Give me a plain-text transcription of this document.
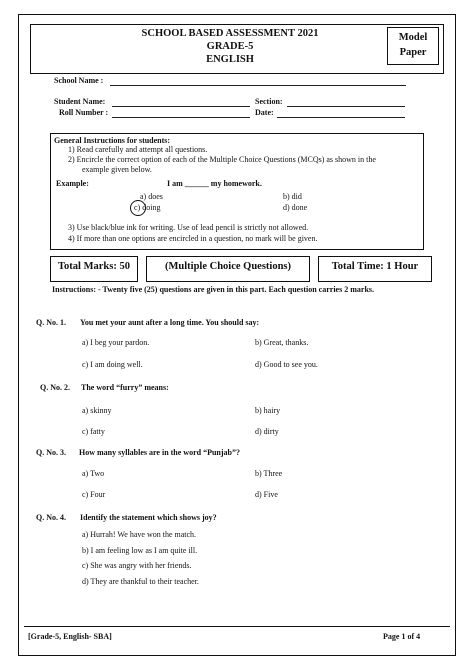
SCHOOL BASED ASSESSMENT 2021
GRADE-5
ENGLISH
Model
Paper
School Name :
Student Name:	Section:
Roll Number :	Date:
General Instructions for students:
1) Read carefully and attempt all questions.
2) Encircle the correct option of each of the Multiple Choice Questions (MCQs) as shown in the
example given below.
Example:	I am ______ my homework.
a) does	b) did
c) doing	d) done
3) Use black/blue ink for writing. Use of lead pencil is strictly not allowed.
4) If more than one options are encircled in a question, no mark will be given.
Total Marks: 50	(Multiple Choice Questions)	Total Time: 1 Hour
Instructions: - Twenty five (25) questions are given in this part. Each question carries 2 marks.
Q. No. 1. You met your aunt after a long time. You should say:
a) I beg your pardon.	b) Great, thanks.
c) I am doing well.	d) Good to see you.
Q. No. 2. The word “furry” means:
a) skinny	b) hairy
c) fatty	d) dirty
Q. No. 3. How many syllables are in the word “Punjab”?
a) Two	b) Three
c) Four	d) Five
Q. No. 4. Identify the statement which shows joy?
a) Hurrah! We have won the match.
b) I am feeling low as I am quite ill.
c) She was angry with her friends.
d) They are thankful to their teacher.
[Grade-5, English- SBA]	Page 1 of 4
